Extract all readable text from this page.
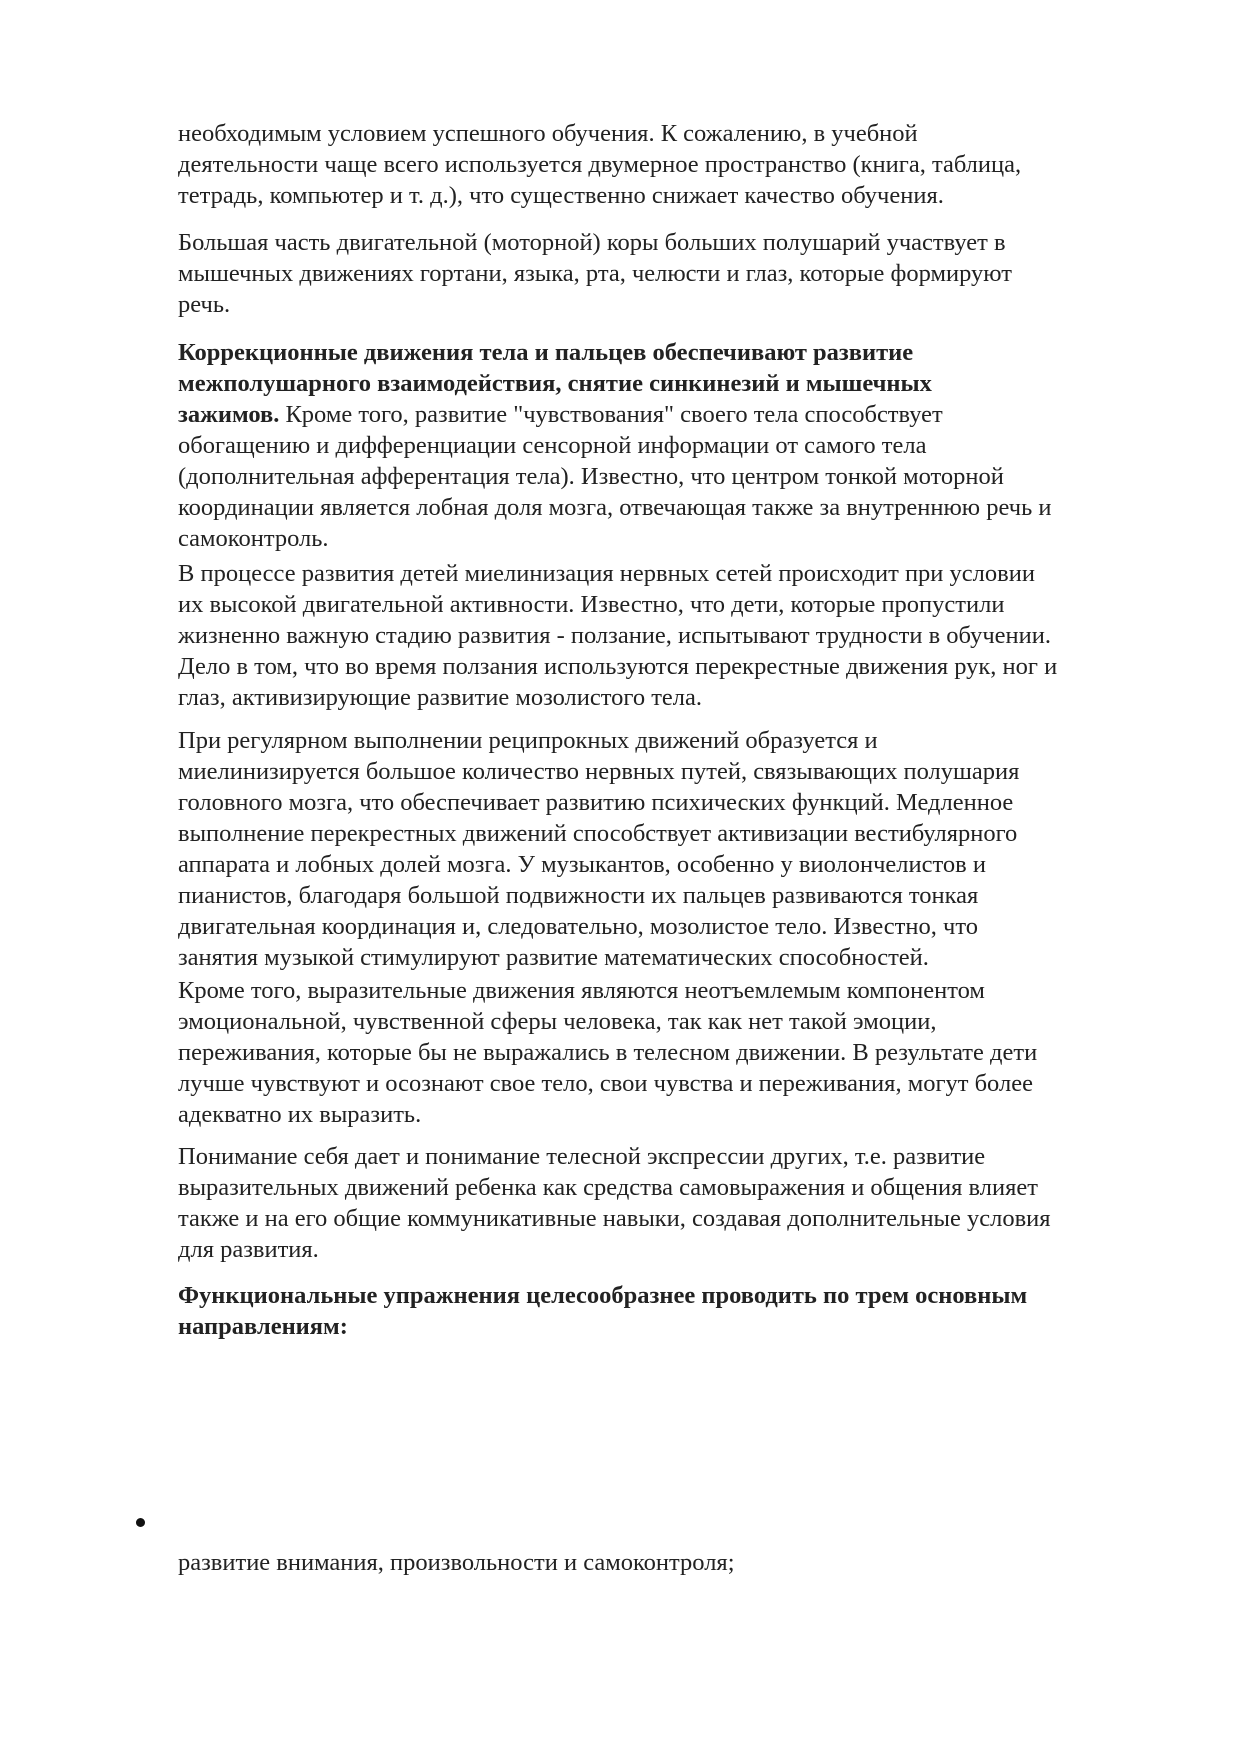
необходимым условием успешного обучения. К сожалению, в учебной
деятельности чаще всего используется двумерное пространство (книга, таблица,
тетрадь, компьютер и т. д.), что существенно снижает качество обучения.

Большая часть двигательной (моторной) коры больших полушарий участвует в
мышечных движениях гортани, языка, рта, челюсти и глаз, которые формируют
речь.

Коррекционные движения тела и пальцев обеспечивают развитие
межполушарного взаимодействия, снятие синкинезий и мышечных
зажимов. Кроме того, развитие "чувствования" своего тела способствует
обогащению и дифференциации сенсорной информации от самого тела
(дополнительная афферентация тела). Известно, что центром тонкой моторной
координации является лобная доля мозга, отвечающая также за внутреннюю речь и
самоконтроль.

В процессе развития детей миелинизация нервных сетей происходит при условии
их высокой двигательной активности. Известно, что дети, которые пропустили
жизненно важную стадию развития - ползание, испытывают трудности в обучении.
Дело в том, что во время ползания используются перекрестные движения рук, ног и
глаз, активизирующие развитие мозолистого тела.

При регулярном выполнении реципрокных движений образуется и
миелинизируется большое количество нервных путей, связывающих полушария
головного мозга, что обеспечивает развитию психических функций. Медленное
выполнение перекрестных движений способствует активизации вестибулярного
аппарата и лобных долей мозга. У музыкантов, особенно у виолончелистов и
пианистов, благодаря большой подвижности их пальцев развиваются тонкая
двигательная координация и, следовательно, мозолистое тело. Известно, что
занятия музыкой стимулируют развитие математических способностей.

Кроме того, выразительные движения являются неотъемлемым компонентом
эмоциональной, чувственной сферы человека, так как нет такой эмоции,
переживания, которые бы не выражались в телесном движении. В результате дети
лучше чувствуют и осознают свое тело, свои чувства и переживания, могут более
адекватно их выразить.

Понимание себя дает и понимание телесной экспрессии других, т.е. развитие
выразительных движений ребенка как средства самовыражения и общения влияет
также и на его общие коммуникативные навыки, создавая дополнительные условия
для развития.

Функциональные упражнения целесообразнее проводить по трем основным
направлениям:

развитие внимания, произвольности и самоконтроля;
